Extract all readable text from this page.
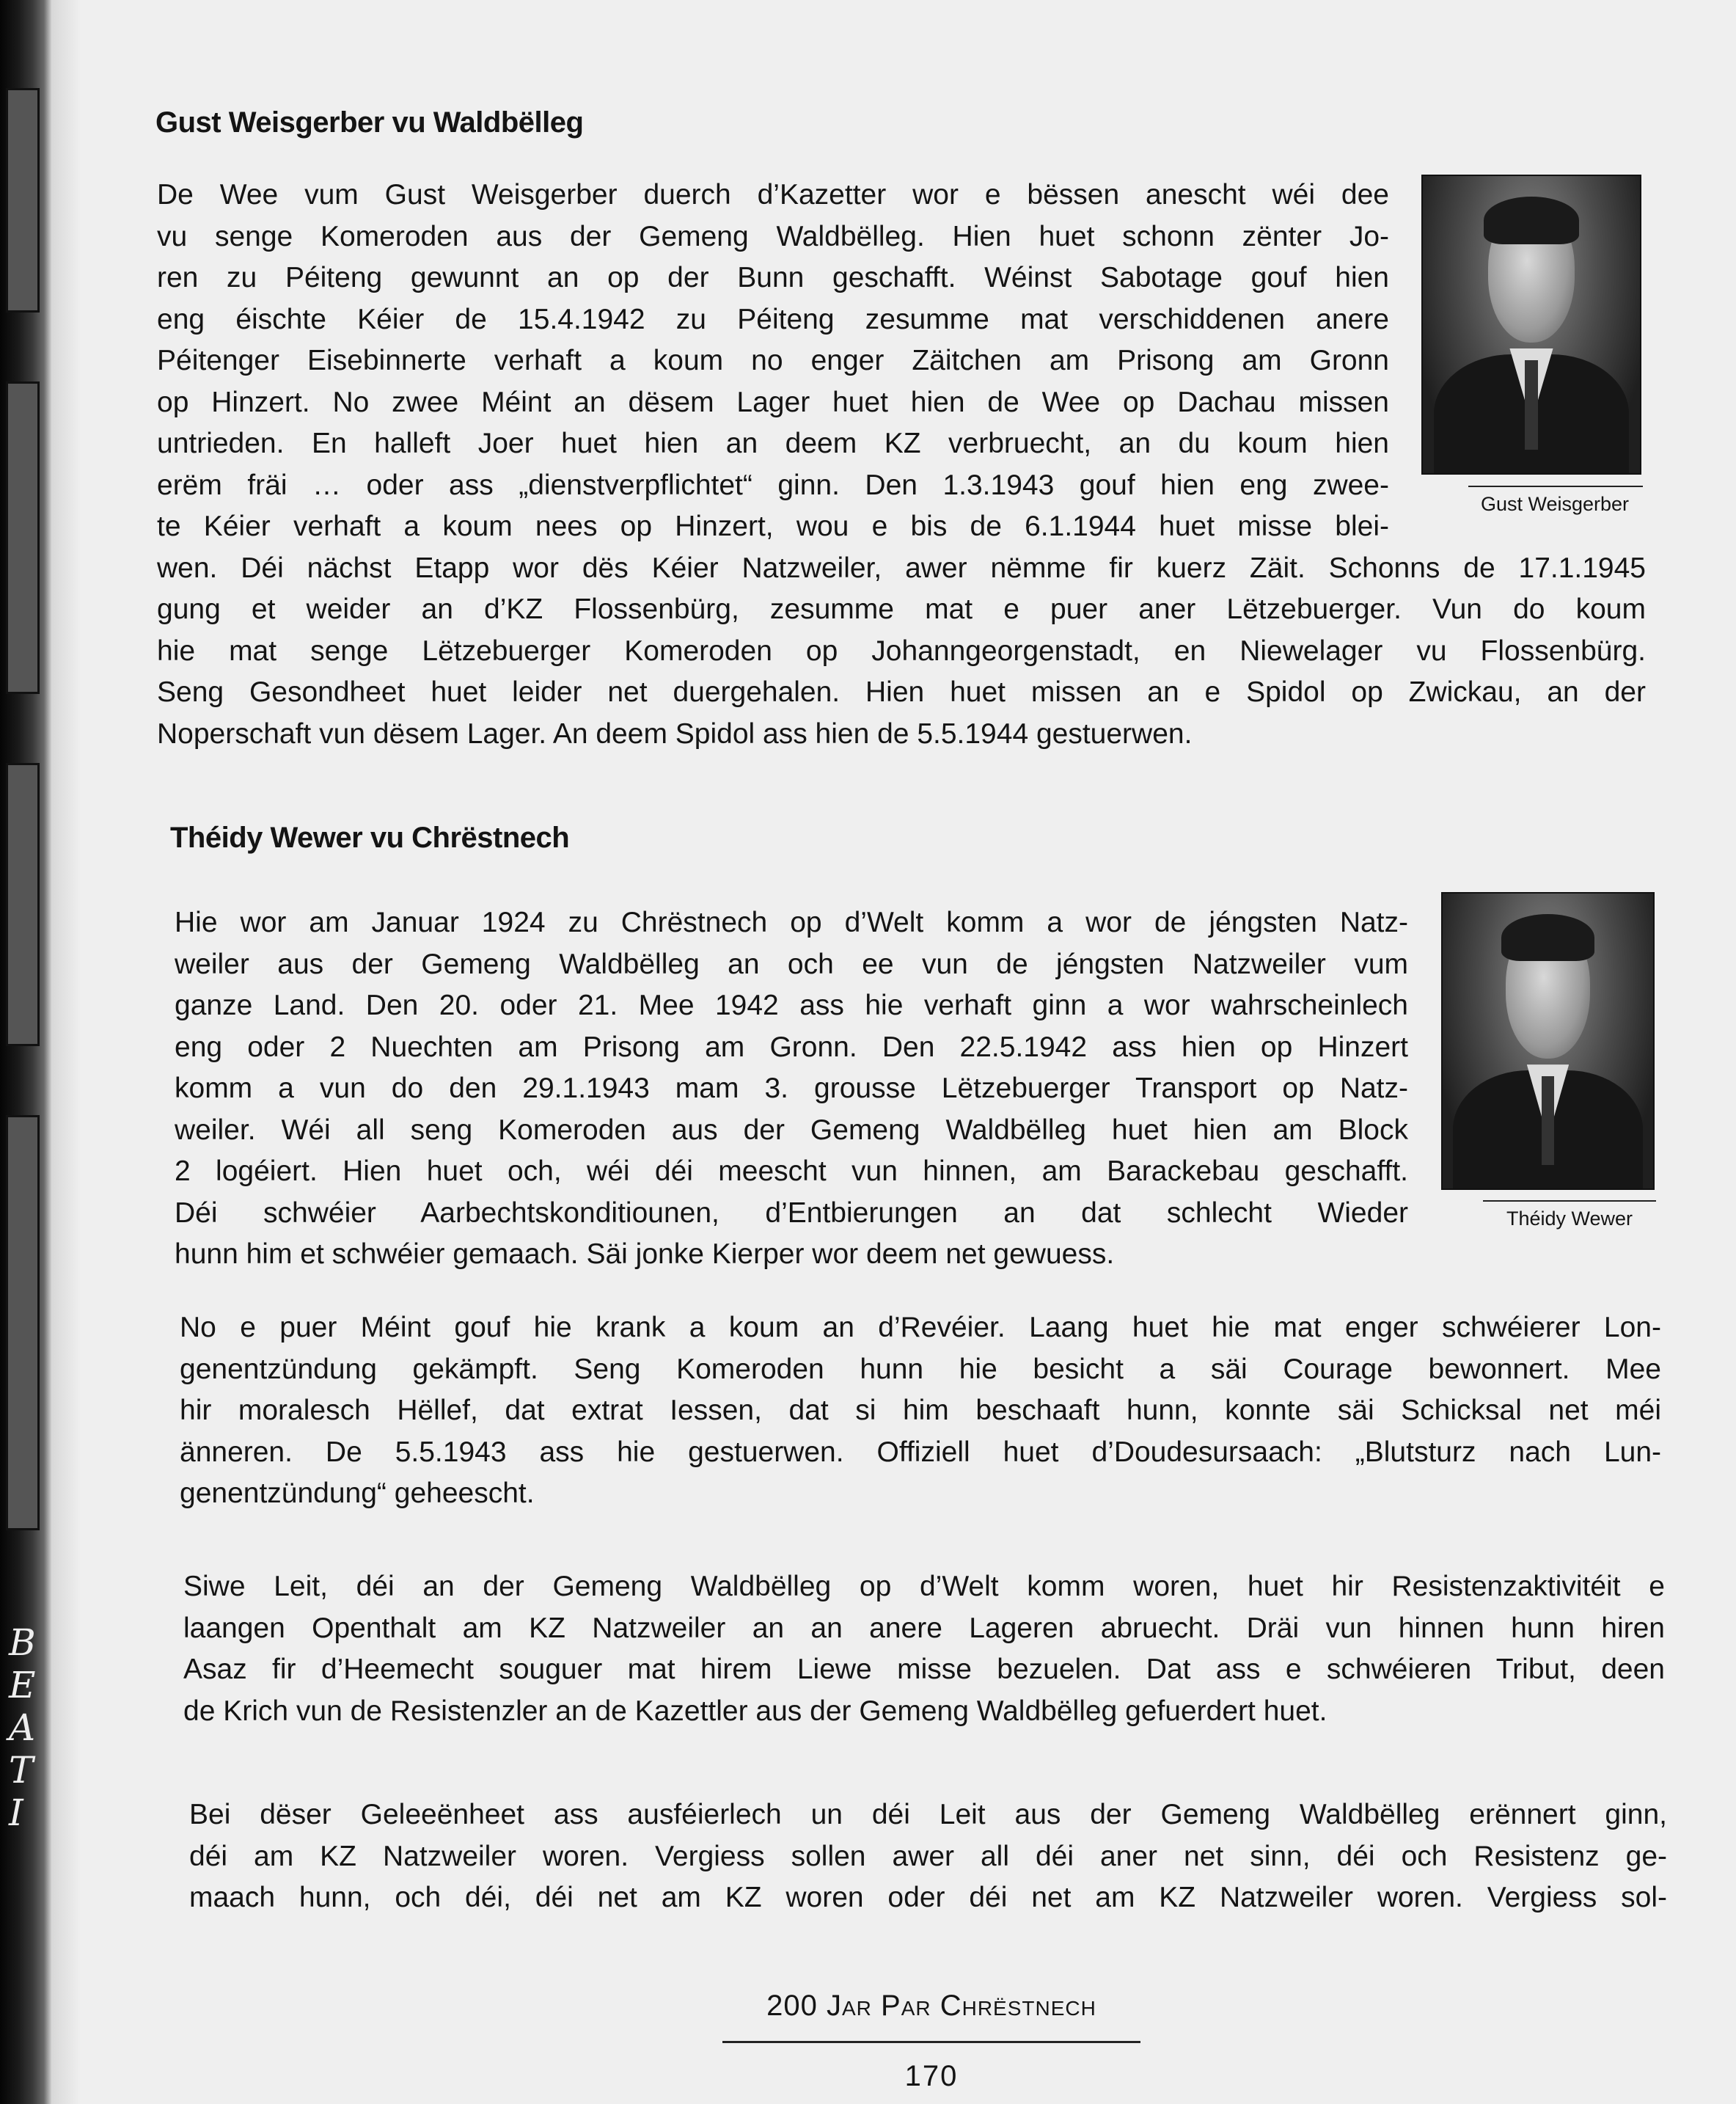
B
E
A
T
I
Gust Weisgerber vu Waldbëlleg
De Wee vum Gust Weisgerber duerch d’Kazetter wor e bëssen anescht wéi dee
vu senge Komeroden aus der Gemeng Waldbëlleg. Hien huet schonn zënter Jo-
ren zu Péiteng gewunnt an op der Bunn geschafft. Wéinst Sabotage gouf hien
eng éischte Kéier de 15.4.1942 zu Péiteng zesumme mat verschiddenen anere
Péitenger Eisebinnerte verhaft a koum no enger Zäitchen am Prisong am Gronn
op Hinzert. No zwee Méint an dësem Lager huet hien de Wee op Dachau missen
untrieden. En halleft Joer huet hien an deem KZ verbruecht, an du koum hien
erëm fräi … oder ass „dienstverpflichtet“ ginn. Den 1.3.1943 gouf hien eng zwee-
te Kéier verhaft a koum nees op Hinzert, wou e bis de 6.1.1944 huet misse blei-
wen. Déi nächst Etapp wor dës Kéier Natzweiler, awer nëmme fir kuerz Zäit. Schonns de 17.1.1945
gung et weider an d’KZ Flossenbürg, zesumme mat e puer aner Lëtzebuerger. Vun do koum
hie mat senge Lëtzebuerger Komeroden op Johanngeorgenstadt, en Niewelager vu Flossenbürg.
Seng Gesondheet huet leider net duergehalen. Hien huet missen an e Spidol op Zwickau, an der
Noperschaft vun dësem Lager. An deem Spidol ass hien de 5.5.1944 gestuerwen.
Gust Weisgerber
Théidy Wewer vu Chrëstnech
Hie wor am Januar 1924 zu Chrëstnech op d’Welt komm a wor de jéngsten Natz-
weiler aus der Gemeng Waldbëlleg an och ee vun de jéngsten Natzweiler vum
ganze Land. Den 20. oder 21. Mee 1942 ass hie verhaft ginn a wor wahrscheinlech
eng oder 2 Nuechten am Prisong am Gronn. Den 22.5.1942 ass hien op Hinzert
komm a vun do den 29.1.1943 mam 3. grousse Lëtzebuerger Transport op Natz-
weiler. Wéi all seng Komeroden aus der Gemeng Waldbëlleg huet hien am Block
2 logéiert. Hien huet och, wéi déi meescht vun hinnen, am Barackebau geschafft.
Déi schwéier Aarbechtskonditiounen, d’Entbierungen an dat schlecht Wieder
hunn him et schwéier gemaach. Säi jonke Kierper wor deem net gewuess.
Théidy Wewer
No e puer Méint gouf hie krank a koum an d’Revéier. Laang huet hie mat enger schwéierer Lon-
genentzündung gekämpft. Seng Komeroden hunn hie besicht a säi Courage bewonnert. Mee
hir moralesch Hëllef, dat extrat Iessen, dat si him beschaaft hunn, konnte säi Schicksal net méi
änneren. De 5.5.1943 ass hie gestuerwen. Offiziell huet d’Doudesursaach: „Blutsturz nach Lun-
genentzündung“ geheescht.
Siwe Leit, déi an der Gemeng Waldbëlleg op d’Welt komm woren, huet hir Resistenzaktivitéit e
laangen Openthalt am KZ Natzweiler an an anere Lageren abruecht. Dräi vun hinnen hunn hiren
Asaz fir d’Heemecht souguer mat hirem Liewe misse bezuelen. Dat ass e schwéieren Tribut, deen
de Krich vun de Resistenzler an de Kazettler aus der Gemeng Waldbëlleg gefuerdert huet.
Bei dëser Geleeënheet ass ausféierlech un déi Leit aus der Gemeng Waldbëlleg erënnert ginn,
déi am KZ Natzweiler woren. Vergiess sollen awer all déi aner net sinn, déi och Resistenz ge-
maach hunn, och déi, déi net am KZ woren oder déi net am KZ Natzweiler woren. Vergiess sol-
200 Jar Par Chrëstnech
170
